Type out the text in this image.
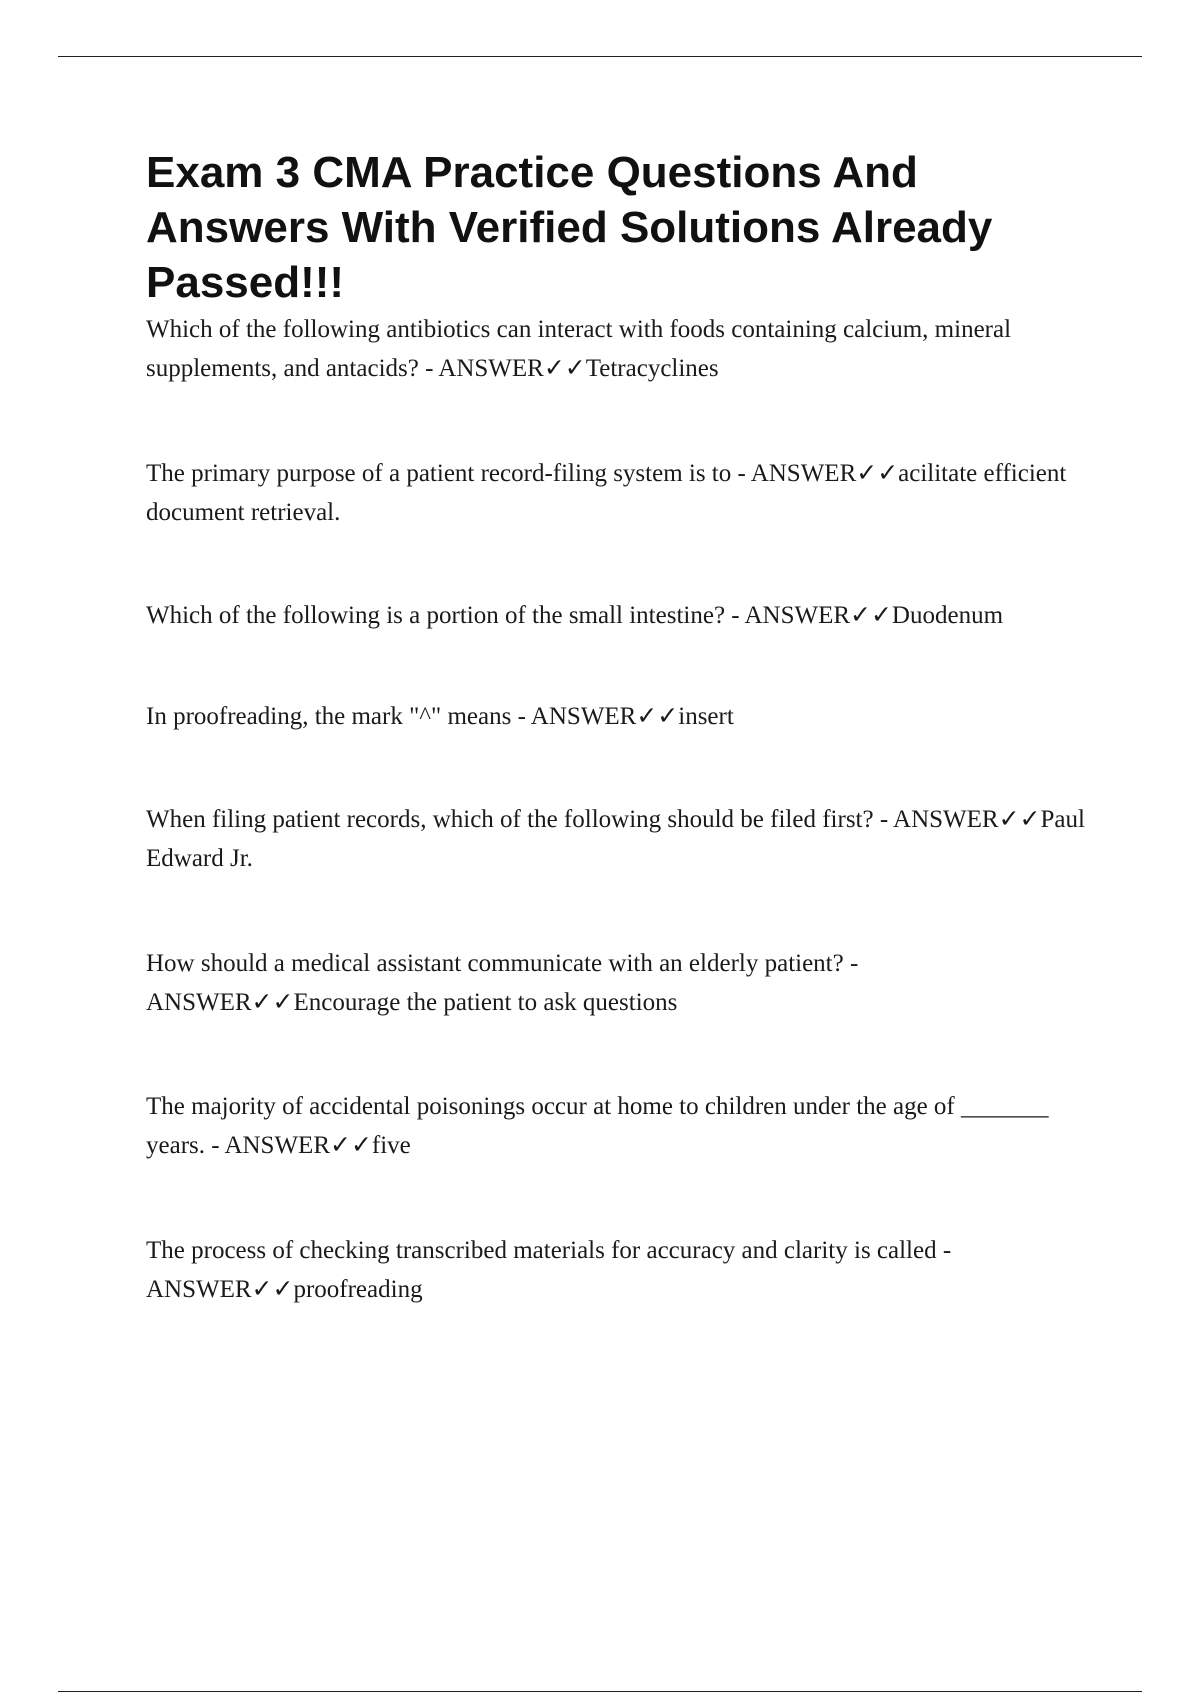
Exam 3 CMA Practice Questions And Answers With Verified Solutions Already Passed!!!

Which of the following antibiotics can interact with foods containing calcium, mineral supplements, and antacids? - ANSWER✓✓Tetracyclines

The primary purpose of a patient record-filing system is to - ANSWER✓✓acilitate efficient document retrieval.

Which of the following is a portion of the small intestine? - ANSWER✓✓Duodenum

In proofreading, the mark "^" means - ANSWER✓✓insert

When filing patient records, which of the following should be filed first? - ANSWER✓✓Paul Edward Jr.

How should a medical assistant communicate with an elderly patient? - ANSWER✓✓Encourage the patient to ask questions

The majority of accidental poisonings occur at home to children under the age of _______ years. - ANSWER✓✓five

The process of checking transcribed materials for accuracy and clarity is called - ANSWER✓✓proofreading
